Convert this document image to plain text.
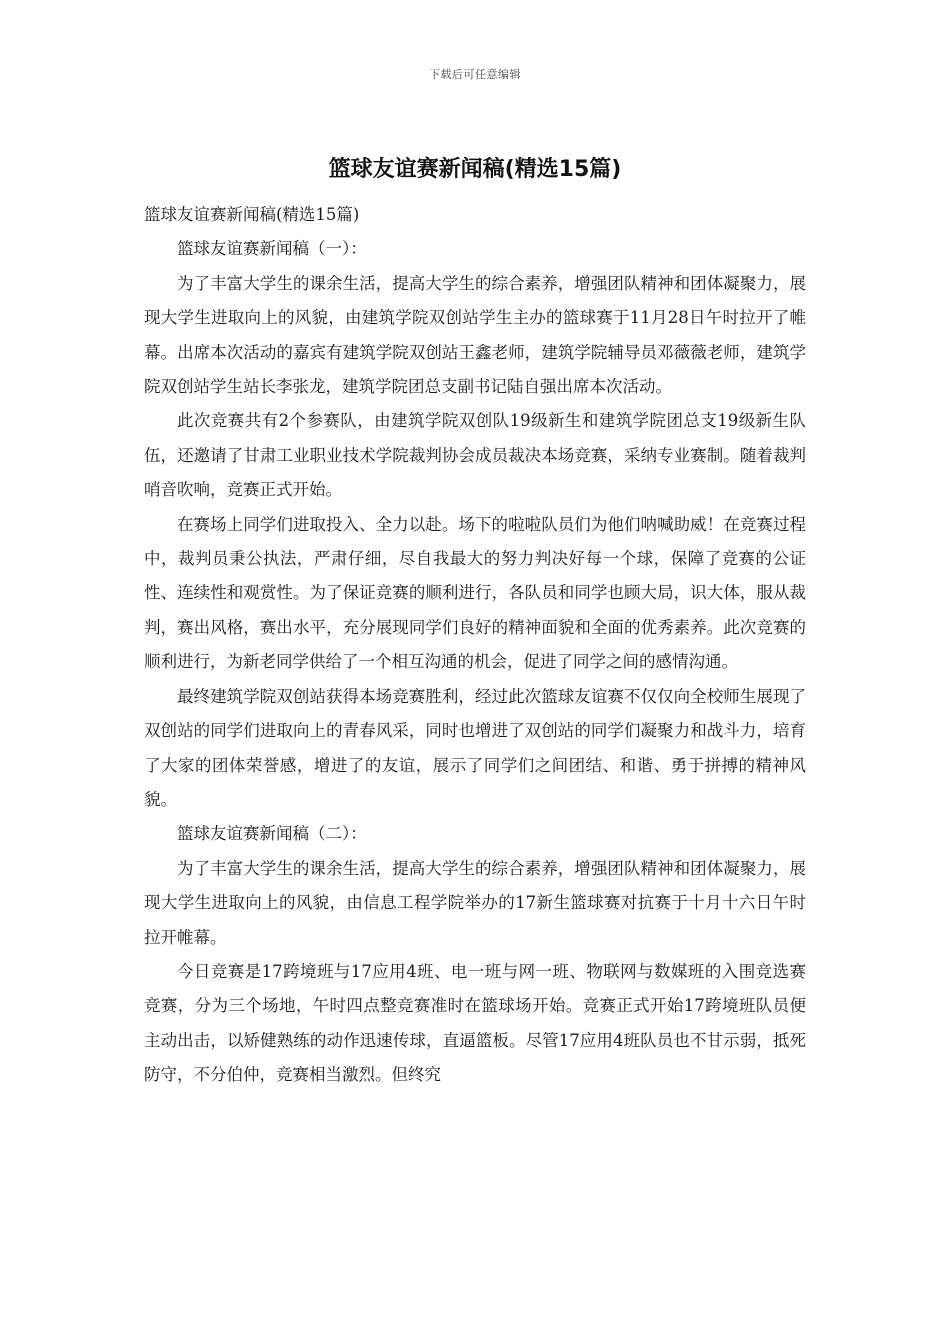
下载后可任意编辑
篮球友谊赛新闻稿(精选15篇)

篮球友谊赛新闻稿(精选15篇)

篮球友谊赛新闻稿（一）：

为了丰富大学生的课余生活，提高大学生的综合素养，增强团队精神和团体凝聚力，展现大学生进取向上的风貌，由建筑学院双创站学生主办的篮球赛于11月28日午时拉开了帷幕。出席本次活动的嘉宾有建筑学院双创站王鑫老师，建筑学院辅导员邓薇薇老师，建筑学院双创站学生站长李张龙，建筑学院团总支副书记陆自强出席本次活动。

此次竞赛共有2个参赛队，由建筑学院双创队19级新生和建筑学院团总支19级新生队伍，还邀请了甘肃工业职业技术学院裁判协会成员裁决本场竞赛，采纳专业赛制。随着裁判哨音吹响，竞赛正式开始。

在赛场上同学们进取投入、全力以赴。场下的啦啦队员们为他们呐喊助威！在竞赛过程中，裁判员秉公执法，严肃仔细，尽自我最大的努力判决好每一个球，保障了竞赛的公证性、连续性和观赏性。为了保证竞赛的顺利进行，各队员和同学也顾大局，识大体，服从裁判，赛出风格，赛出水平，充分展现同学们良好的精神面貌和全面的优秀素养。此次竞赛的顺利进行，为新老同学供给了一个相互沟通的机会，促进了同学之间的感情沟通。

最终建筑学院双创站获得本场竞赛胜利，经过此次篮球友谊赛不仅仅向全校师生展现了双创站的同学们进取向上的青春风采，同时也增进了双创站的同学们凝聚力和战斗力，培育了大家的团体荣誉感，增进了的友谊，展示了同学们之间团结、和谐、勇于拼搏的精神风貌。

篮球友谊赛新闻稿（二）：

为了丰富大学生的课余生活，提高大学生的综合素养，增强团队精神和团体凝聚力，展现大学生进取向上的风貌，由信息工程学院举办的17新生篮球赛对抗赛于十月十六日午时拉开帷幕。

今日竞赛是17跨境班与17应用4班、电一班与网一班、物联网与数媒班的入围竞选赛竞赛，分为三个场地，午时四点整竞赛准时在篮球场开始。竞赛正式开始17跨境班队员便主动出击，以矫健熟练的动作迅速传球，直逼篮板。尽管17应用4班队员也不甘示弱，抵死防守，不分伯仲，竞赛相当激烈。但终究
